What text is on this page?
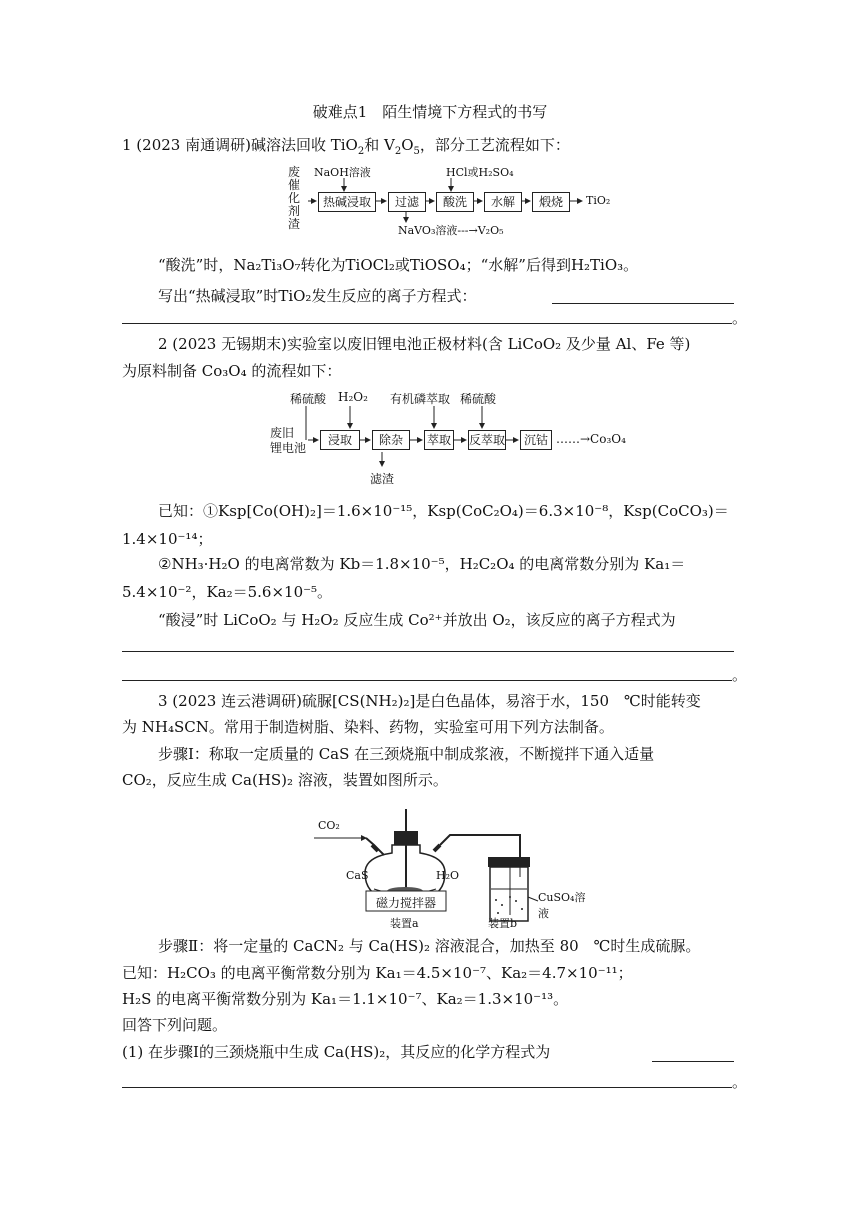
破难点1　陌生情境下方程式的书写
1 (2023 南通调研)碱溶法回收 TiO$_2$和 $V_2O_5$，部分工艺流程如下：
废
催
化
剂
渣
NaOH溶液	HCl或H₂SO₄
热碱浸取	过滤	酸洗	水解	煅烧	TiO₂
NaVO₃溶液---→V₂O₅
“酸洗”时，Na₂Ti₃O₇转化为TiOCl₂或TiOSO₄；“水解”后得到H₂TiO₃。
写出“热碱浸取”时TiO₂发生反应的离子方程式：
。
2 (2023 无锡期末)实验室以废旧锂电池正极材料(含 LiCoO₂ 及少量 Al、Fe 等)
为原料制备 Co₃O₄ 的流程如下：
废旧
锂电池
稀硫酸 H₂O₂ 有机磷萃取 稀硫酸
浸取	除杂	萃取 反萃取	沉钴 ……→Co₃O₄
滤渣
已知：①Ksp[Co(OH)₂]＝1.6×10⁻¹⁵，Ksp(CoC₂O₄)＝6.3×10⁻⁸，Ksp(CoCO₃)＝
1.4×10⁻¹⁴；
②NH₃·H₂O 的电离常数为 Kb＝1.8×10⁻⁵，H₂C₂O₄ 的电离常数分别为 Ka₁＝
5.4×10⁻²，Ka₂＝5.6×10⁻⁵。
“酸浸”时 LiCoO₂ 与 H₂O₂ 反应生成 Co²⁺并放出 O₂，该反应的离子方程式为
。
3 (2023 连云港调研)硫脲[CS(NH₂)₂]是白色晶体，易溶于水，150　℃时能转变
为 NH₄SCN。常用于制造树脂、染料、药物，实验室可用下列方法制备。
步骤Ⅰ：称取一定质量的 CaS 在三颈烧瓶中制成浆液，不断搅拌下通入适量
CO₂，反应生成 Ca(HS)₂ 溶液，装置如图所示。
CO₂
CaS	H₂O
磁力搅拌器
装置a	装置b
CuSO₄溶液
步骤Ⅱ：将一定量的 CaCN₂ 与 Ca(HS)₂ 溶液混合，加热至 80　℃时生成硫脲。
已知：H₂CO₃ 的电离平衡常数分别为 Ka₁＝4.5×10⁻⁷、Ka₂＝4.7×10⁻¹¹；
H₂S 的电离平衡常数分别为 Ka₁＝1.1×10⁻⁷、Ka₂＝1.3×10⁻¹³。
回答下列问题。
(1) 在步骤Ⅰ的三颈烧瓶中生成 Ca(HS)₂，其反应的化学方程式为
。
